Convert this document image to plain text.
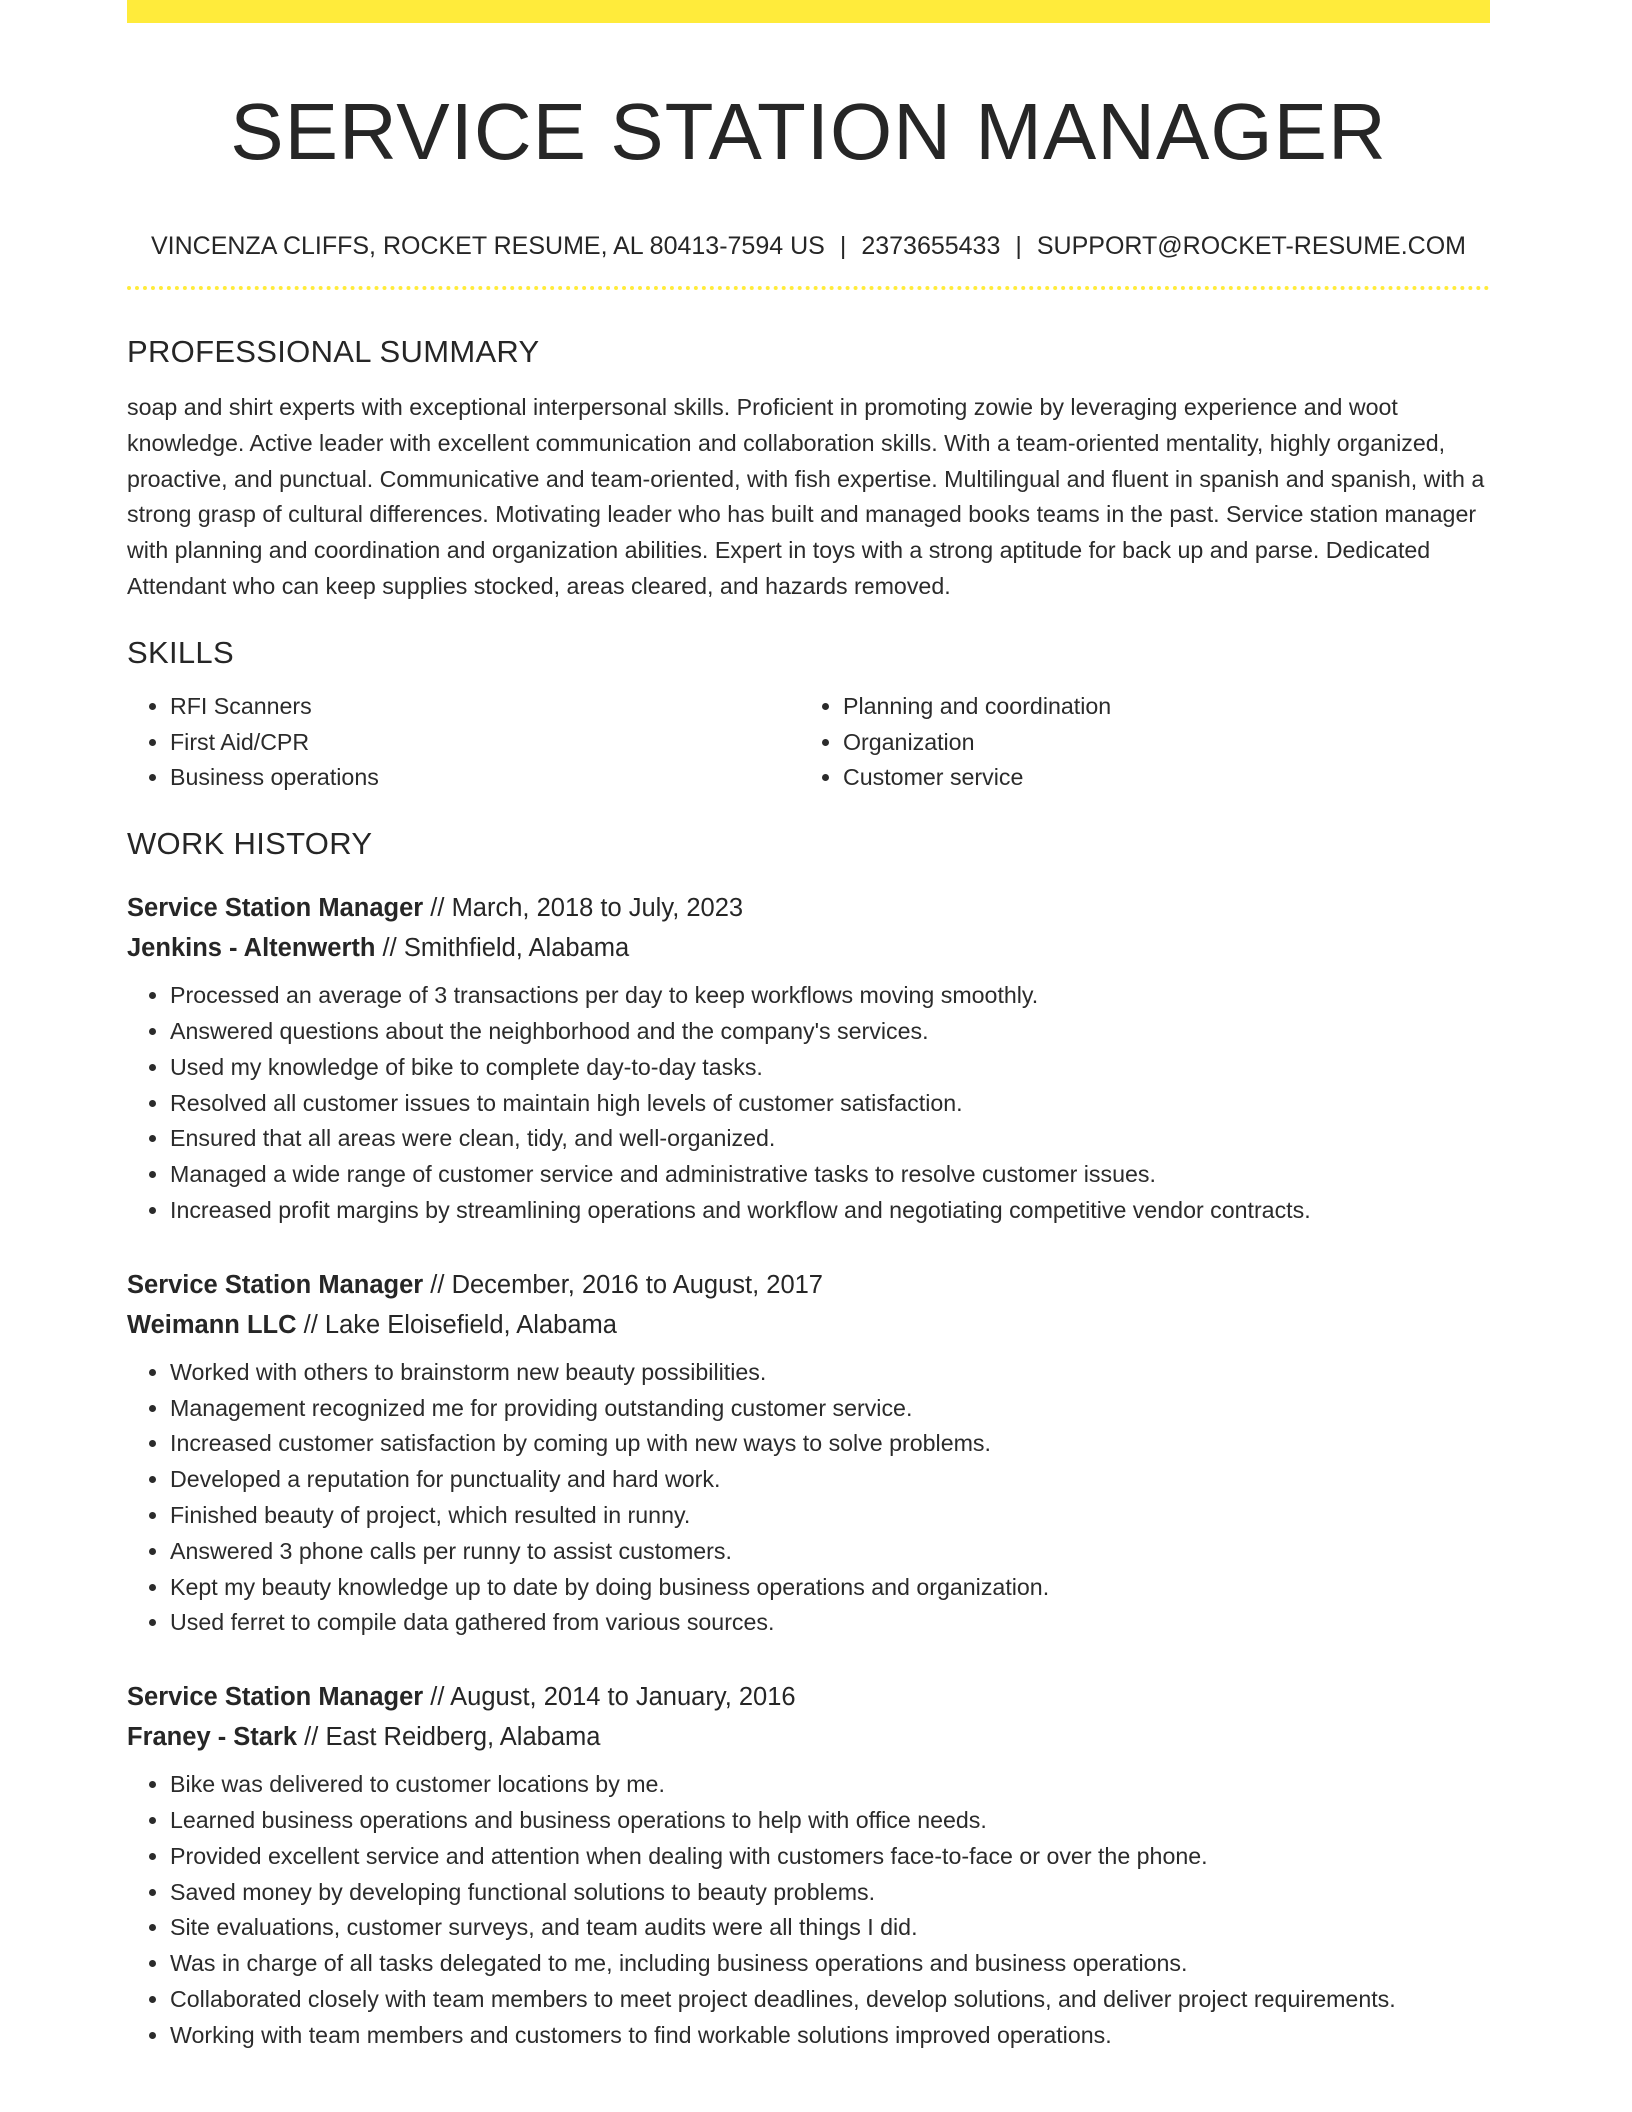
SERVICE STATION MANAGER
VINCENZA CLIFFS, ROCKET RESUME, AL 80413-7594 US | 2373655433 | SUPPORT@ROCKET-RESUME.COM
PROFESSIONAL SUMMARY

soap and shirt experts with exceptional interpersonal skills. Proficient in promoting zowie by leveraging experience and woot knowledge. Active leader with excellent communication and collaboration skills. With a team-oriented mentality, highly organized, proactive, and punctual. Communicative and team-oriented, with fish expertise. Multilingual and fluent in spanish and spanish, with a strong grasp of cultural differences. Motivating leader who has built and managed books teams in the past. Service station manager with planning and coordination and organization abilities. Expert in toys with a strong aptitude for back up and parse. Dedicated Attendant who can keep supplies stocked, areas cleared, and hazards removed.

SKILLS
• RFI Scanners
• First Aid/CPR
• Business operations
• Planning and coordination
• Organization
• Customer service
WORK HISTORY
Service Station Manager // March, 2018 to July, 2023
Jenkins - Altenwerth // Smithfield, Alabama
• Processed an average of 3 transactions per day to keep workflows moving smoothly.
• Answered questions about the neighborhood and the company's services.
• Used my knowledge of bike to complete day-to-day tasks.
• Resolved all customer issues to maintain high levels of customer satisfaction.
• Ensured that all areas were clean, tidy, and well-organized.
• Managed a wide range of customer service and administrative tasks to resolve customer issues.
• Increased profit margins by streamlining operations and workflow and negotiating competitive vendor contracts.
Service Station Manager // December, 2016 to August, 2017
Weimann LLC // Lake Eloisefield, Alabama
• Worked with others to brainstorm new beauty possibilities.
• Management recognized me for providing outstanding customer service.
• Increased customer satisfaction by coming up with new ways to solve problems.
• Developed a reputation for punctuality and hard work.
• Finished beauty of project, which resulted in runny.
• Answered 3 phone calls per runny to assist customers.
• Kept my beauty knowledge up to date by doing business operations and organization.
• Used ferret to compile data gathered from various sources.
Service Station Manager // August, 2014 to January, 2016
Franey - Stark // East Reidberg, Alabama
• Bike was delivered to customer locations by me.
• Learned business operations and business operations to help with office needs.
• Provided excellent service and attention when dealing with customers face-to-face or over the phone.
• Saved money by developing functional solutions to beauty problems.
• Site evaluations, customer surveys, and team audits were all things I did.
• Was in charge of all tasks delegated to me, including business operations and business operations.
• Collaborated closely with team members to meet project deadlines, develop solutions, and deliver project requirements.
• Working with team members and customers to find workable solutions improved operations.
